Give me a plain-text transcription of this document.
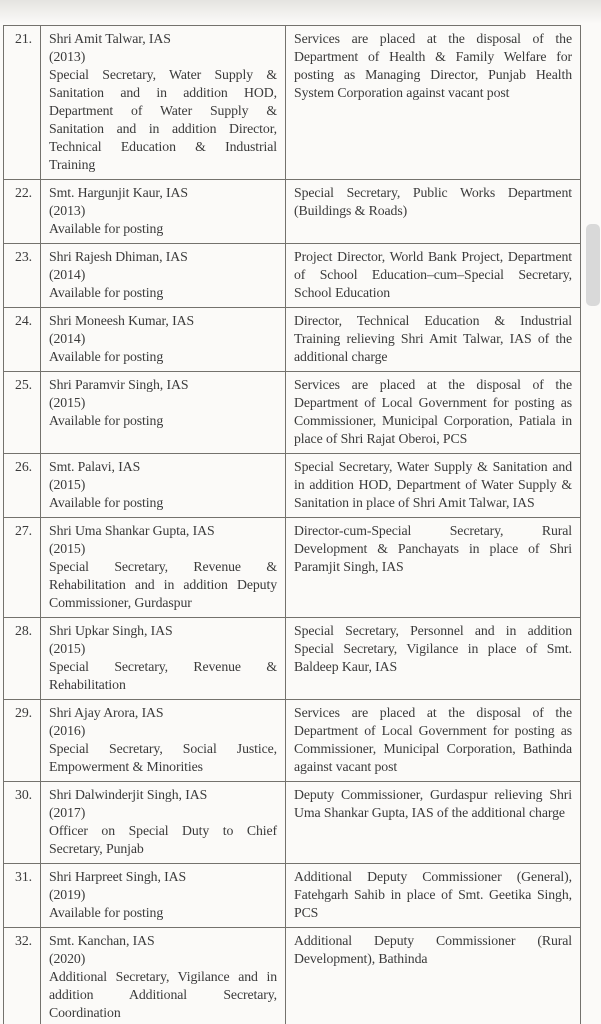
21.	Shri Amit Talwar, IAS
(2013)
Special Secretary, Water Supply & Sanitation and in addition HOD, Department of Water Supply & Sanitation and in addition Director, Technical Education & Industrial Training	Services are placed at the disposal of the Department of Health & Family Welfare for posting as Managing Director, Punjab Health System Corporation against vacant post
22.	Smt. Hargunjit Kaur, IAS
(2013)
Available for posting	Special Secretary, Public Works Department (Buildings & Roads)
23.	Shri Rajesh Dhiman, IAS
(2014)
Available for posting	Project Director, World Bank Project, Department of School Education–cum–Special Secretary, School Education
24.	Shri Moneesh Kumar, IAS
(2014)
Available for posting	Director, Technical Education & Industrial Training relieving Shri Amit Talwar, IAS of the additional charge
25.	Shri Paramvir Singh, IAS
(2015)
Available for posting	Services are placed at the disposal of the Department of Local Government for posting as Commissioner, Municipal Corporation, Patiala in place of Shri Rajat Oberoi, PCS
26.	Smt. Palavi, IAS
(2015)
Available for posting	Special Secretary, Water Supply & Sanitation and in addition HOD, Department of Water Supply & Sanitation in place of Shri Amit Talwar, IAS
27.	Shri Uma Shankar Gupta, IAS
(2015)
Special Secretary, Revenue & Rehabilitation and in addition Deputy Commissioner, Gurdaspur	Director-cum-Special Secretary, Rural Development & Panchayats in place of Shri Paramjit Singh, IAS
28.	Shri Upkar Singh, IAS
(2015)
Special Secretary, Revenue & Rehabilitation	Special Secretary, Personnel and in addition Special Secretary, Vigilance in place of Smt. Baldeep Kaur, IAS
29.	Shri Ajay Arora, IAS
(2016)
Special Secretary, Social Justice, Empowerment & Minorities	Services are placed at the disposal of the Department of Local Government for posting as Commissioner, Municipal Corporation, Bathinda against vacant post
30.	Shri Dalwinderjit Singh, IAS
(2017)
Officer on Special Duty to Chief Secretary, Punjab	Deputy Commissioner, Gurdaspur relieving Shri Uma Shankar Gupta, IAS of the additional charge
31.	Shri Harpreet Singh, IAS
(2019)
Available for posting	Additional Deputy Commissioner (General), Fatehgarh Sahib in place of Smt. Geetika Singh, PCS
32.	Smt. Kanchan, IAS
(2020)
Additional Secretary, Vigilance and in addition Additional Secretary, Coordination	Additional Deputy Commissioner (Rural Development), Bathinda
